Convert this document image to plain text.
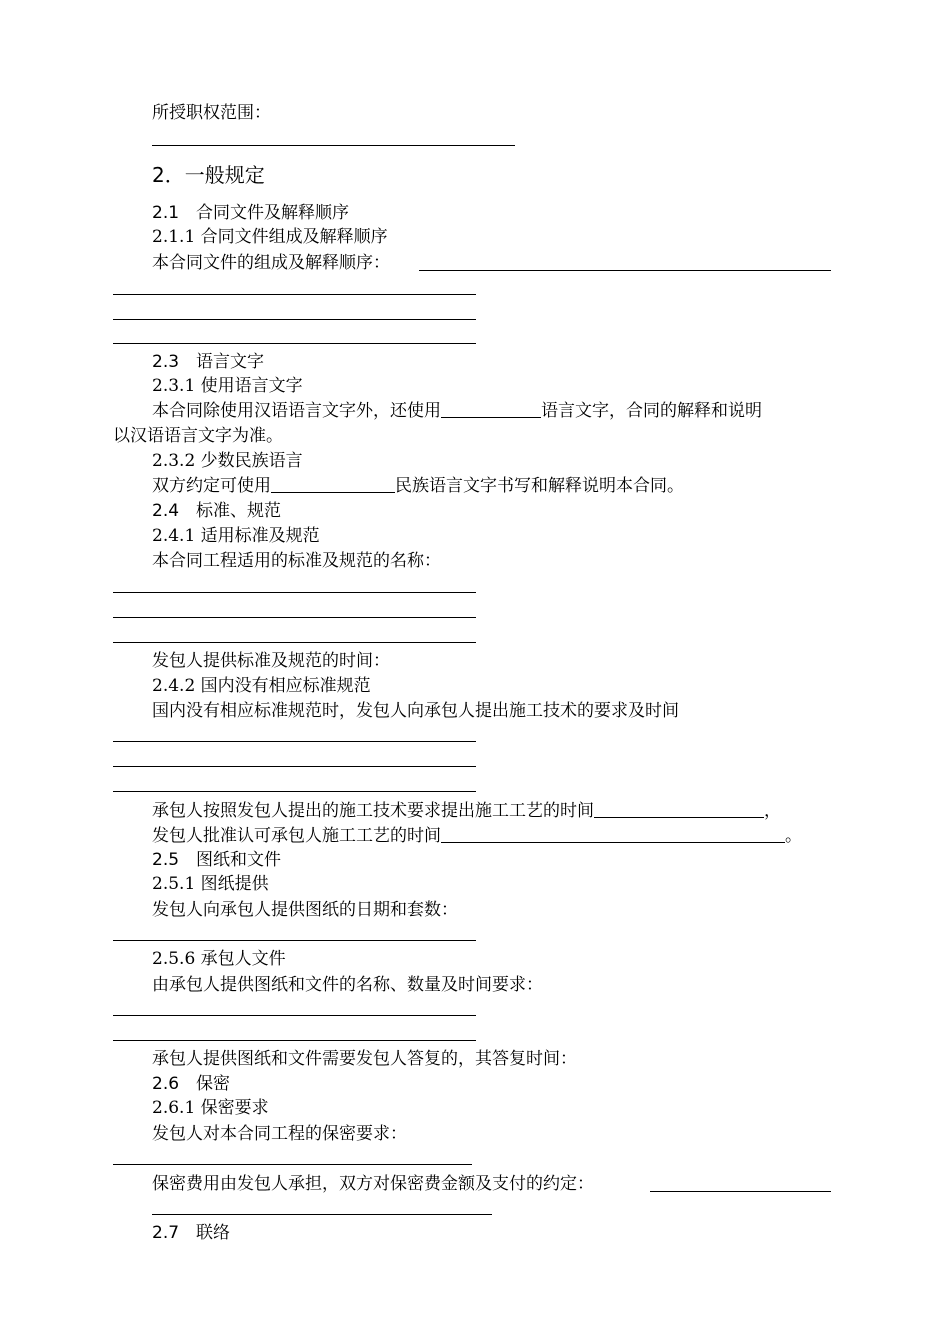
所授职权范围：
2．一般规定
2.1　合同文件及解释顺序
2.1.1 合同文件组成及解释顺序
本合同文件的组成及解释顺序：
2.3　语言文字
2.3.1 使用语言文字
本合同除使用汉语语言文字外，还使用	语言文字，合同的解释和说明
以汉语语言文字为准。
2.3.2 少数民族语言
双方约定可使用	民族语言文字书写和解释说明本合同。
2.4　标准、规范
2.4.1 适用标准及规范
本合同工程适用的标准及规范的名称：
发包人提供标准及规范的时间：
2.4.2 国内没有相应标准规范
国内没有相应标准规范时，发包人向承包人提出施工技术的要求及时间
承包人按照发包人提出的施工技术要求提出施工工艺的时间	，
发包人批准认可承包人施工工艺的时间	。
2.5　图纸和文件
2.5.1 图纸提供
发包人向承包人提供图纸的日期和套数：
2.5.6 承包人文件
由承包人提供图纸和文件的名称、数量及时间要求：
承包人提供图纸和文件需要发包人答复的，其答复时间：
2.6　保密
2.6.1 保密要求
发包人对本合同工程的保密要求：
保密费用由发包人承担，双方对保密费金额及支付的约定：
2.7　联络
